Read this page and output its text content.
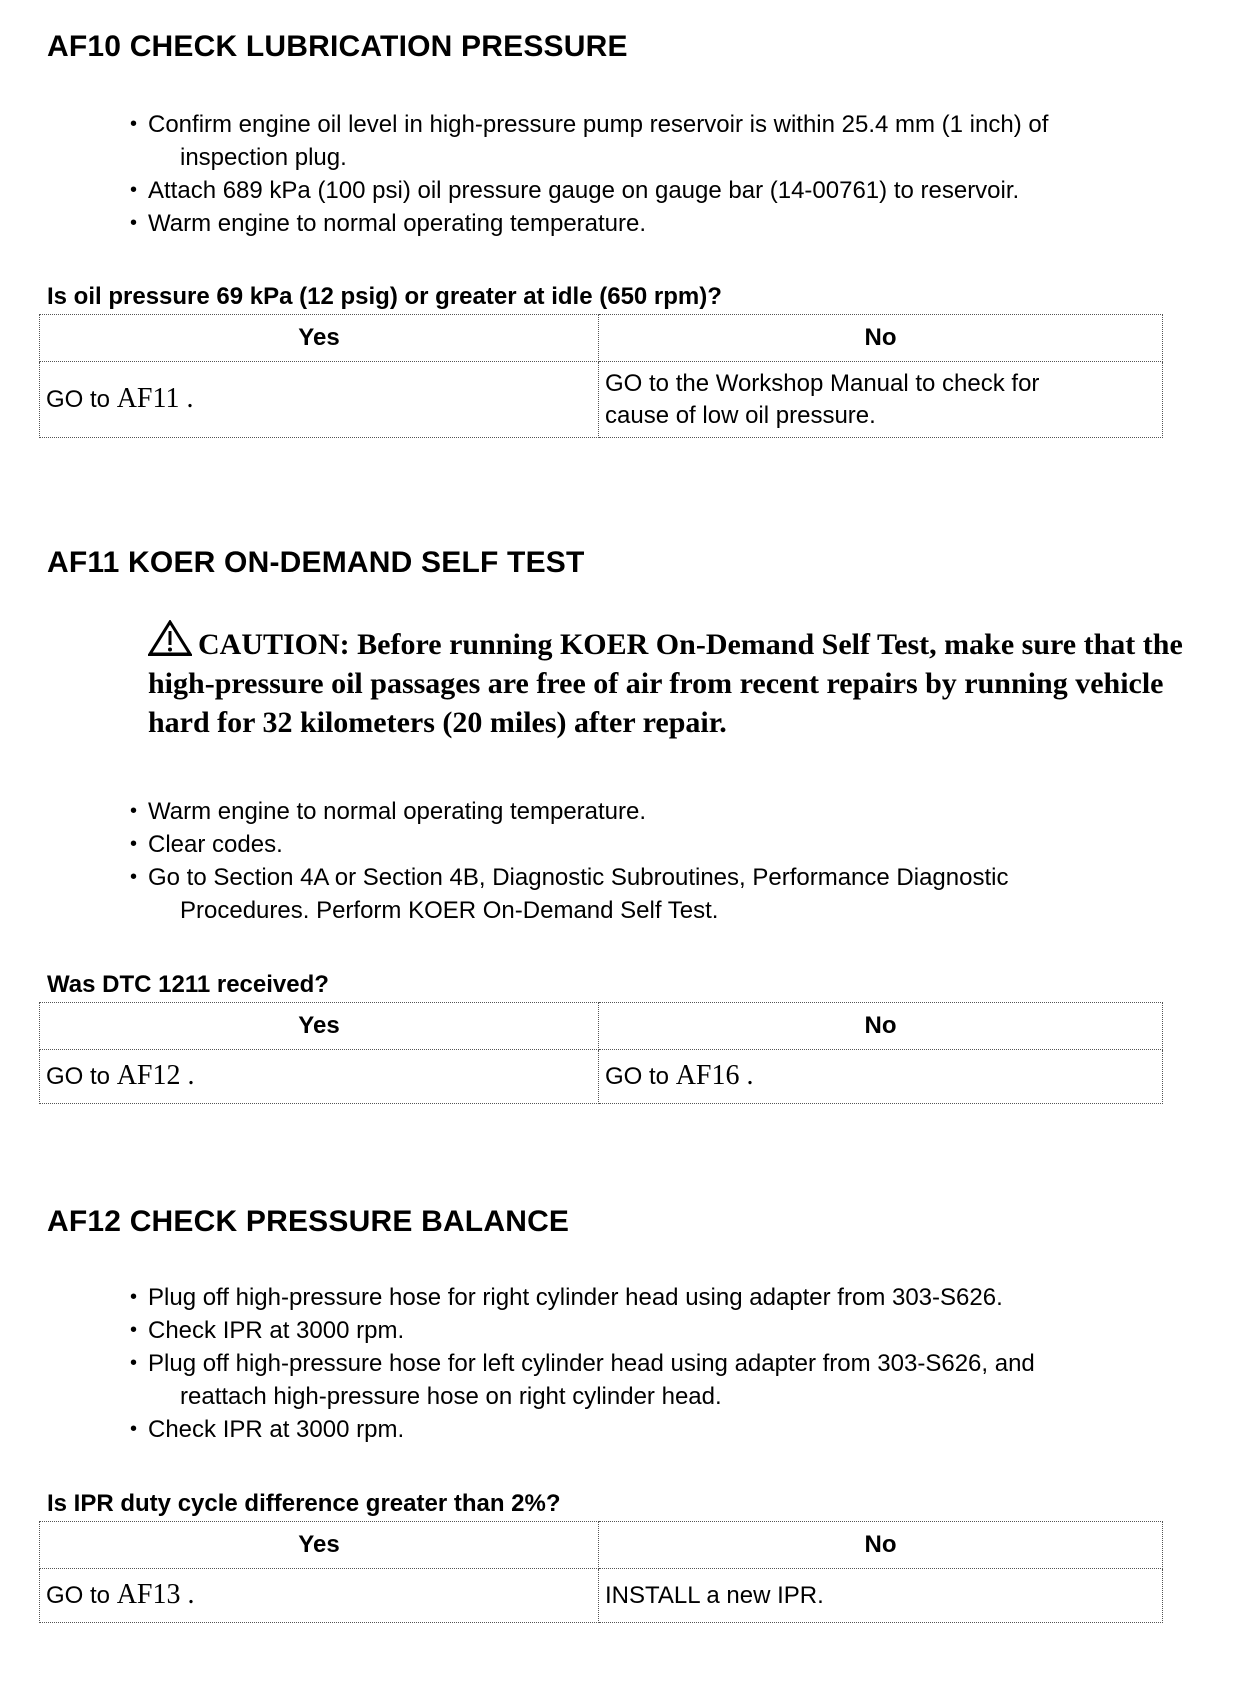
AF10 CHECK LUBRICATION PRESSURE
• Confirm engine oil level in high-pressure pump reservoir is within 25.4 mm (1 inch) of
inspection plug.
• Attach 689 kPa (100 psi) oil pressure gauge on gauge bar (14-00761) to reservoir.
• Warm engine to normal operating temperature.
Is oil pressure 69 kPa (12 psig) or greater at idle (650 rpm)?
Yes	No
GO to AF11 .	GO to the Workshop Manual to check for
cause of low oil pressure.
AF11 KOER ON-DEMAND SELF TEST
CAUTION: Before running KOER On-Demand Self Test, make sure that the high-pressure oil passages are free of air from recent repairs by running vehicle hard for 32 kilometers (20 miles) after repair.
• Warm engine to normal operating temperature.
• Clear codes.
• Go to Section 4A or Section 4B, Diagnostic Subroutines, Performance Diagnostic
Procedures. Perform KOER On-Demand Self Test.
Was DTC 1211 received?
Yes	No
GO to AF12 .	GO to AF16 .
AF12 CHECK PRESSURE BALANCE
• Plug off high-pressure hose for right cylinder head using adapter from 303-S626.
• Check IPR at 3000 rpm.
• Plug off high-pressure hose for left cylinder head using adapter from 303-S626, and
reattach high-pressure hose on right cylinder head.
• Check IPR at 3000 rpm.
Is IPR duty cycle difference greater than 2%?
Yes	No
GO to AF13 .	INSTALL a new IPR.
